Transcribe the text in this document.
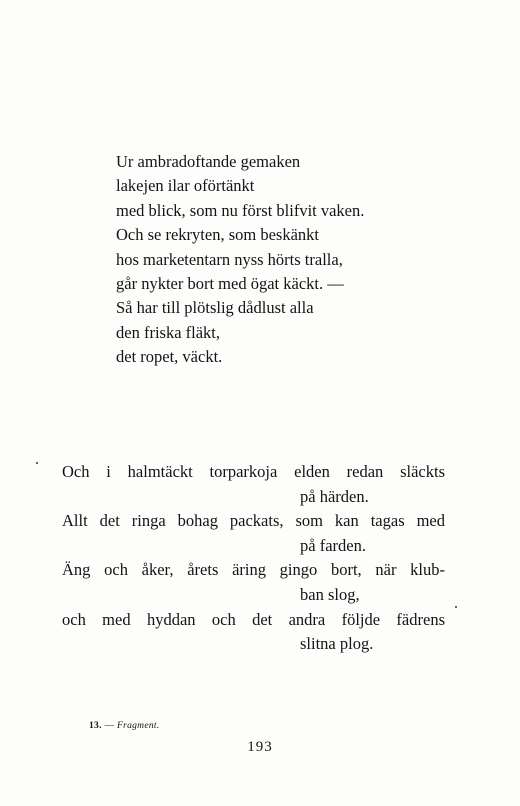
Ur ambradoftande gemaken
lakejen ilar oförtänkt
med blick, som nu först blifvit vaken.
Och se rekryten, som beskänkt
hos marketentarn nyss hörts tralla,
går nykter bort med ögat käckt. —
Så har till plötslig dådlust alla
den friska fläkt,
det ropet, väckt.
Och i halmtäckt torparkoja elden redan släckts
på härden.
Allt det ringa bohag packats, som kan tagas med
på farden.
Äng och åker, årets äring gingo bort, när klub-
ban slog,
och med hyddan och det andra följde fädrens
slitna plog.
13. — Fragment.
193
